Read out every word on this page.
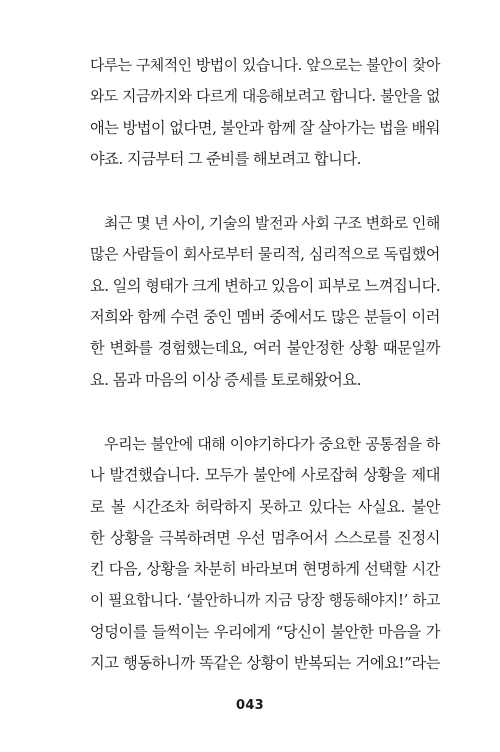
다루는 구체적인 방법이 있습니다. 앞으로는 불안이 찾아
와도 지금까지와 다르게 대응해보려고 합니다. 불안을 없
애는 방법이 없다면, 불안과 함께 잘 살아가는 법을 배워
야죠. 지금부터 그 준비를 해보려고 합니다.
최근 몇 년 사이, 기술의 발전과 사회 구조 변화로 인해
많은 사람들이 회사로부터 물리적, 심리적으로 독립했어
요. 일의 형태가 크게 변하고 있음이 피부로 느껴집니다.
저희와 함께 수련 중인 멤버 중에서도 많은 분들이 이러
한 변화를 경험했는데요, 여러 불안정한 상황 때문일까
요. 몸과 마음의 이상 증세를 토로해왔어요.
우리는 불안에 대해 이야기하다가 중요한 공통점을 하
나 발견했습니다. 모두가 불안에 사로잡혀 상황을 제대
로 볼 시간조차 허락하지 못하고 있다는 사실요. 불안
한 상황을 극복하려면 우선 멈추어서 스스로를 진정시
킨 다음, 상황을 차분히 바라보며 현명하게 선택할 시간
이 필요합니다. ‘불안하니까 지금 당장 행동해야지!’ 하고
엉덩이를 들썩이는 우리에게 “당신이 불안한 마음을 가
지고 행동하니까 똑같은 상황이 반복되는 거에요!”라는
043
